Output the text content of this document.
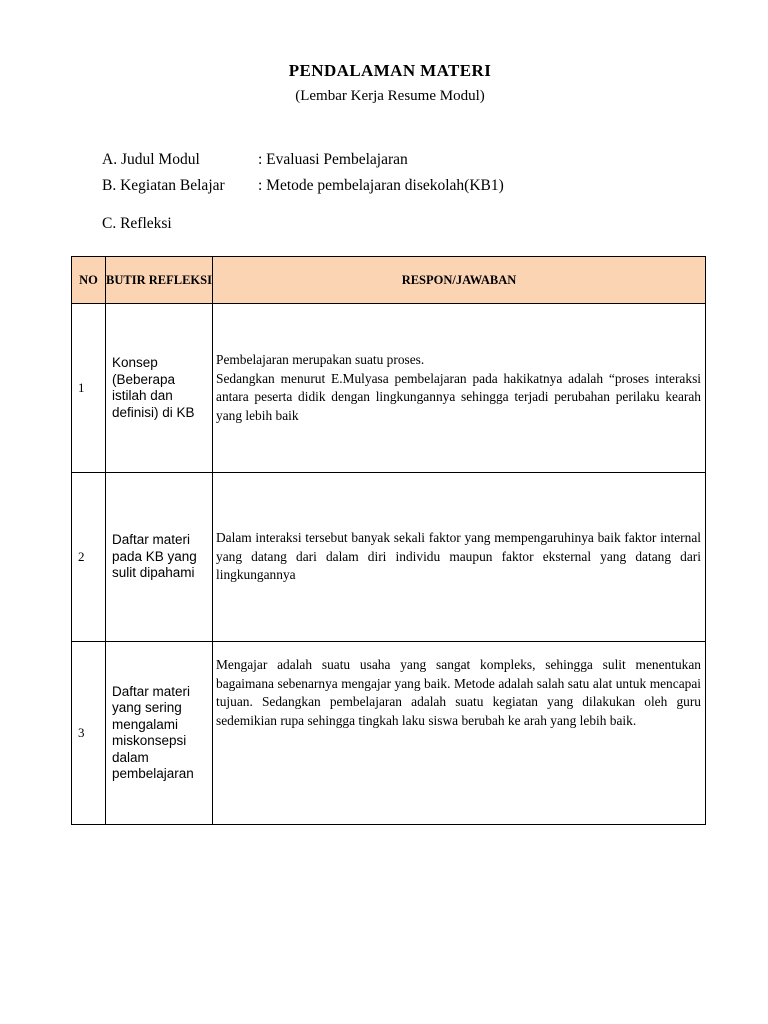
PENDALAMAN MATERI
(Lembar Kerja Resume Modul)
A. Judul Modul	: Evaluasi Pembelajaran
B. Kegiatan Belajar : Metode pembelajaran disekolah(KB1)
C. Refleksi
NO	BUTIR REFLEKSI	RESPON/JAWABAN
1	Konsep (Beberapa istilah dan definisi) di KB	Pembelajaran merupakan suatu proses.
Sedangkan menurut E.Mulyasa pembelajaran pada hakikatnya adalah “proses interaksi antara peserta didik dengan lingkungannya sehingga terjadi perubahan perilaku kearah yang lebih baik

2	Daftar materi pada KB yang sulit dipahami	Dalam interaksi tersebut banyak sekali faktor yang mempengaruhinya baik faktor internal yang datang dari dalam diri individu maupun faktor eksternal yang datang dari lingkungannya
3	Daftar materi yang sering mengalami miskonsepsi dalam pembelajaran	Mengajar adalah suatu usaha yang sangat kompleks, sehingga sulit menentukan bagaimana sebenarnya mengajar yang baik. Metode adalah salah satu alat untuk mencapai tujuan. Sedangkan pembelajaran adalah suatu kegiatan yang dilakukan oleh guru sedemikian rupa sehingga tingkah laku siswa berubah ke arah yang lebih baik.
